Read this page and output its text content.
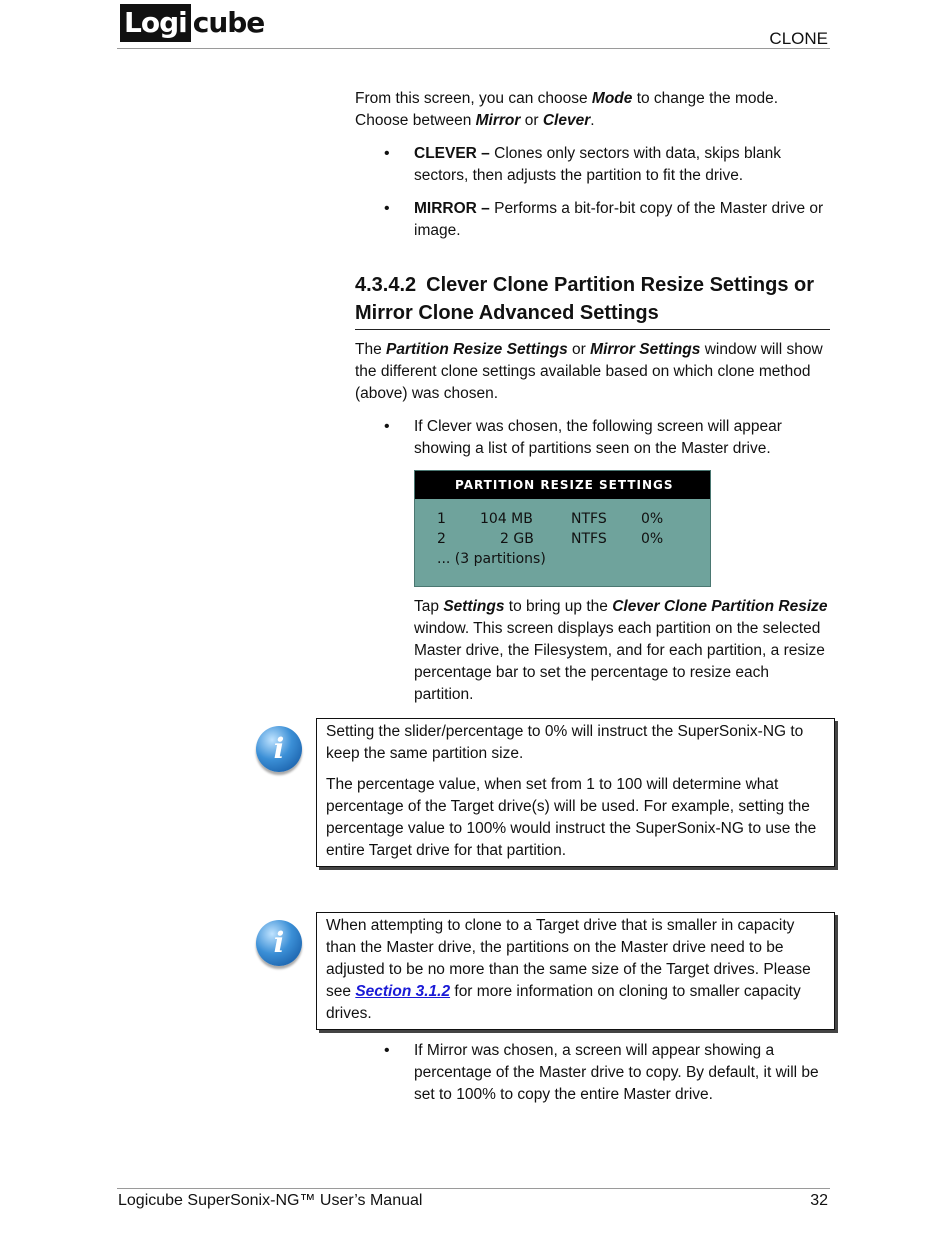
Logi cube	CLONE

From this screen, you can choose Mode to change the mode. Choose between Mirror or Clever.

• CLEVER – Clones only sectors with data, skips blank sectors, then adjusts the partition to fit the drive.
• MIRROR – Performs a bit-for-bit copy of the Master drive or image.
4.3.4.2 Clever Clone Partition Resize Settings or Mirror Clone Advanced Settings

The Partition Resize Settings or Mirror Settings window will show the different clone settings available based on which clone method (above) was chosen.

• If Clever was chosen, the following screen will appear showing a list of partitions seen on the Master drive.
PARTITION RESIZE SETTINGS
1 104 MB	NTFS 0%
2	2 GB	NTFS 0%
... (3 partitions)

Tap Settings to bring up the Clever Clone Partition Resize window. This screen displays each partition on the selected Master drive, the Filesystem, and for each partition, a resize percentage bar to set the percentage to resize each partition.

i

Setting the slider/percentage to 0% will instruct the SuperSonix-NG to keep the same partition size.

The percentage value, when set from 1 to 100 will determine what percentage of the Target drive(s) will be used. For example, setting the percentage value to 100% would instruct the SuperSonix-NG to use the entire Target drive for that partition.

i

When attempting to clone to a Target drive that is smaller in capacity than the Master drive, the partitions on the Master drive need to be adjusted to be no more than the same size of the Target drives. Please see Section 3.1.2 for more information on cloning to smaller capacity drives.

• If Mirror was chosen, a screen will appear showing a percentage of the Master drive to copy. By default, it will be set to 100% to copy the entire Master drive.
Logicube SuperSonix-NG™ User’s Manual	32
